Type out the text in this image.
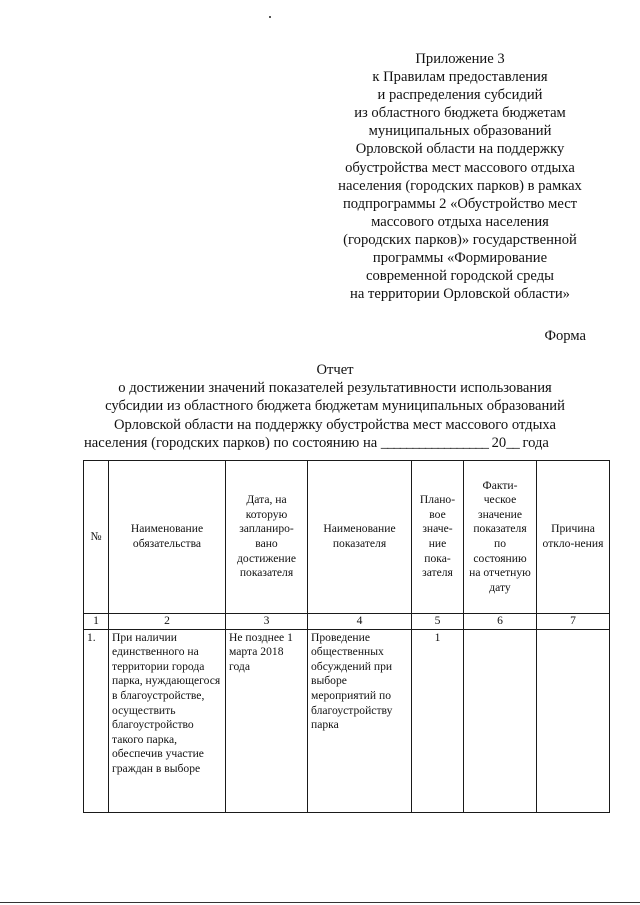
Приложение 3
к Правилам предоставления
и распределения субсидий
из областного бюджета бюджетам
муниципальных образований
Орловской области на поддержку
обустройства мест массового отдыха
населения (городских парков) в рамках
подпрограммы 2 «Обустройство мест
массового отдыха населения
(городских парков)» государственной
программы «Формирование
современной городской среды
на территории Орловской области»
Форма
Отчет
о достижении значений показателей результативности использования
субсидии из областного бюджета бюджетам муниципальных образований
Орловской области на поддержку обустройства мест массового отдыха
населения (городских парков) по состоянию на _________________ 20__ года
№	Наименование обязательства	Дата, на которую запланиро-вано достижение показателя	Наименование показателя	Плано-вое значе-ние пока-зателя	Факти-ческое значение показателя по состоянию на отчетную дату	Причина откло-нения
1	2	3	4	5	6	7
1.	При наличии единственного на территории города парка, нуждающегося в благоустройстве, осуществить благоустройство такого парка, обеспечив участие граждан в выборе	Не позднее 1 марта 2018 года	Проведение общественных обсуждений при выборе мероприятий по благоустройству парка	1		
